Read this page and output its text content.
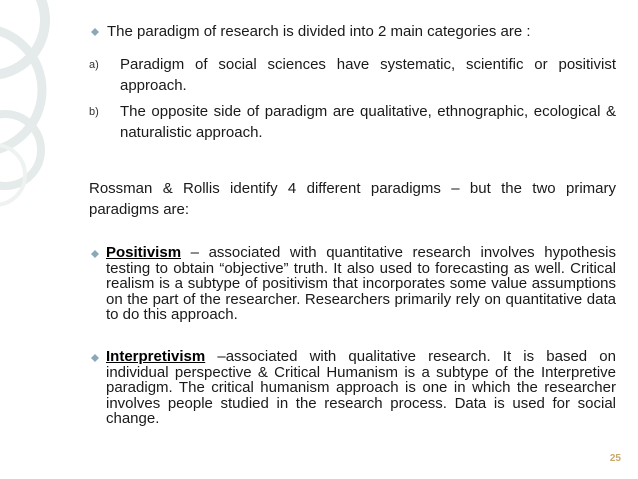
The paradigm of research is divided into 2 main categories are :
a) Paradigm of social sciences have systematic, scientific or positivist approach.
b) The opposite side of paradigm are qualitative, ethnographic, ecological & naturalistic approach.
Rossman & Rollis identify 4 different paradigms – but the two primary paradigms are:
Positivism – associated with quantitative research involves hypothesis testing to obtain “objective” truth. It also used to forecasting as well. Critical realism is a subtype of positivism that incorporates some value assumptions on the part of the researcher. Researchers primarily rely on quantitative data to do this approach.
Interpretivism –associated with qualitative research. It is based on individual perspective & Critical Humanism is a subtype of the Interpretive paradigm. The critical humanism approach is one in which the researcher involves people studied in the research process. Data is used for social change.
25
